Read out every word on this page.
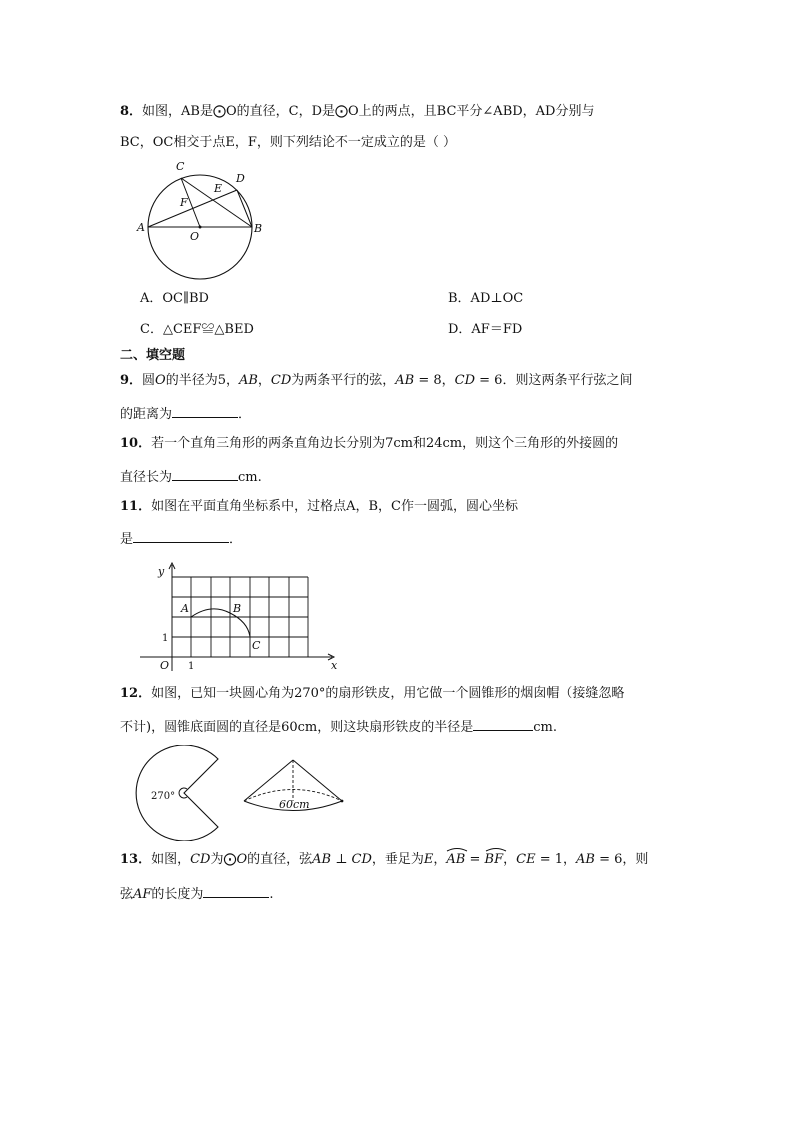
8．如图，AB是⨀O的直径，C，D是⨀O上的两点，且BC平分∠ABD，AD分别与
BC，OC相交于点E，F，则下列结论不一定成立的是（ ）
C
D
E
F
A
O
B
A．OC∥BD	B．AD⊥OC
C．△CEF≌△BED	D．AF＝FD
二、填空题
9．圆𝑂的半径为5，𝐴𝐵，𝐶𝐷为两条平行的弦，𝐴𝐵 = 8，𝐶𝐷 = 6．则这两条平行弦之间
的距离为	．
10．若一个直角三角形的两条直角边长分别为7cm和24cm，则这个三角形的外接圆的
直径长为	cm.
11．如图在平面直角坐标系中，过格点A，B，C作一圆弧，圆心坐标
是	．
y
x
O 1
1
A	B
C
12．如图，已知一块圆心角为270°的扇形铁皮，用它做一个圆锥形的烟囱帽（接缝忽略
不计)，圆锥底面圆的直径是60cm，则这块扇形铁皮的半径是	cm.
270°
60cm
13．如图，𝐶𝐷为⨀𝑂的直径，弦𝐴𝐵 ⊥ 𝐶𝐷，垂足为𝐸，𝐴𝐵
= 𝐵𝐹
，𝐶𝐸 = 1，𝐴𝐵 = 6，则
弦𝐴𝐹的长度为	.
